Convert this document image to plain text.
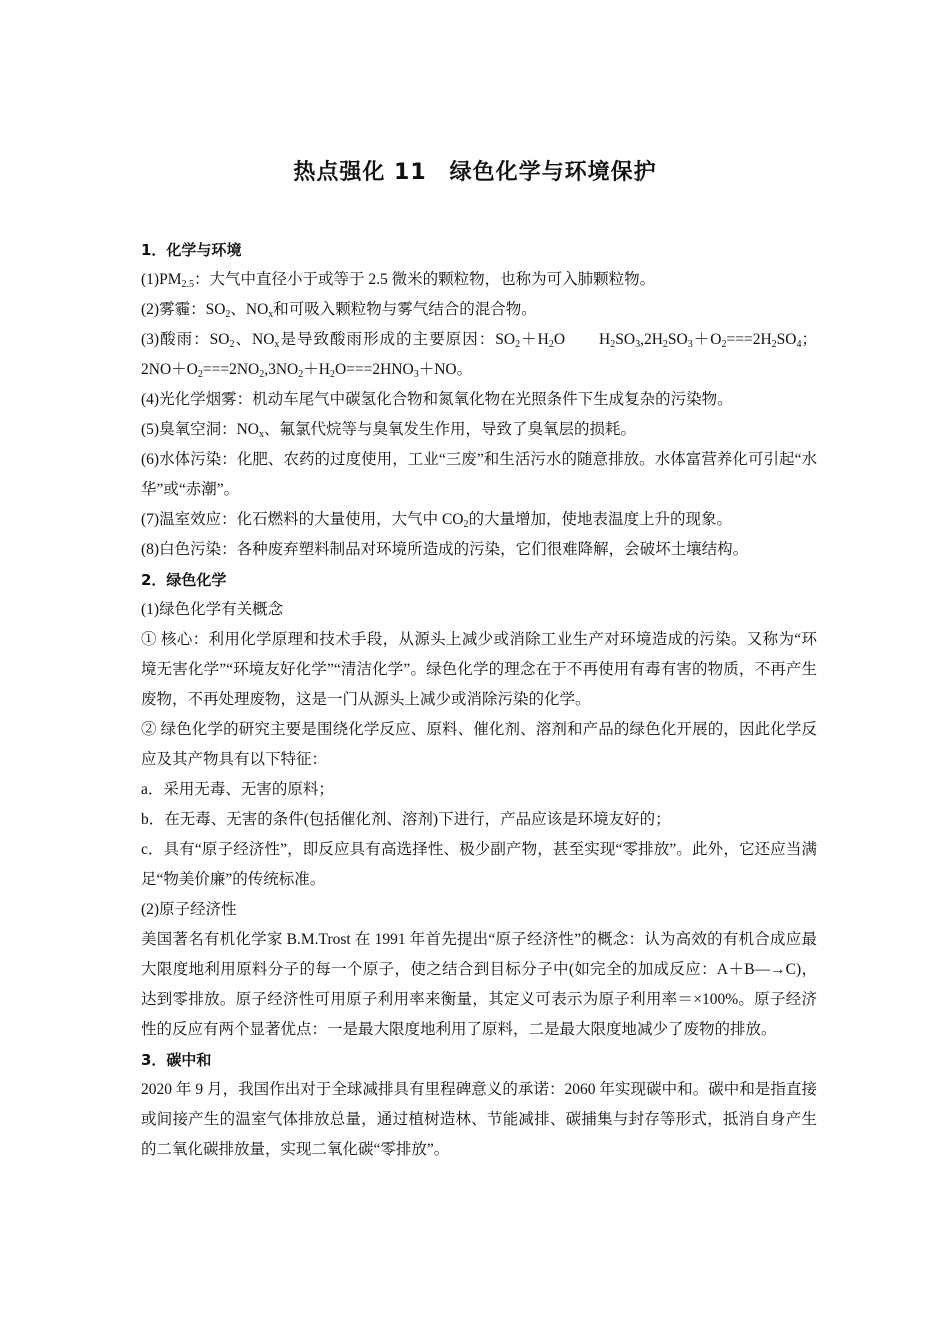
热点强化 11　绿色化学与环境保护

1．化学与环境

$(1)PM_{2.5}$：大气中直径小于或等于 2.5 微米的颗粒物，也称为可入肺颗粒物。

(2)雾霾：$SO_2$、$NO_x$和可吸入颗粒物与雾气结合的混合物。

(3)酸雨：$SO_2$、$NO_x$是导致酸雨形成的主要原因：$SO_2+H_2O$ $H_2SO_3,2H_2SO_3+O_2===2H_2SO_4$；$2NO+O_2===2NO_2,3NO_2+H_2O===2HNO_3+NO$。

(4)光化学烟雾：机动车尾气中碳氢化合物和氮氧化物在光照条件下生成复杂的污染物。

(5)臭氧空洞：$NO_x$、氟氯代烷等与臭氧发生作用，导致了臭氧层的损耗。

(6)水体污染：化肥、农药的过度使用，工业“三废”和生活污水的随意排放。水体富营养化可引起“水华”或“赤潮”。

(7)温室效应：化石燃料的大量使用，大气中 $CO_2$的大量增加，使地表温度上升的现象。

(8)白色污染：各种废弃塑料制品对环境所造成的污染，它们很难降解，会破坏土壤结构。

2．绿色化学

(1)绿色化学有关概念

① 核心：利用化学原理和技术手段，从源头上减少或消除工业生产对环境造成的污染。又称为“环境无害化学”“环境友好化学”“清洁化学”。绿色化学的理念在于不再使用有毒有害的物质，不再产生废物，不再处理废物，这是一门从源头上减少或消除污染的化学。

② 绿色化学的研究主要是围绕化学反应、原料、催化剂、溶剂和产品的绿色化开展的，因此化学反应及其产物具有以下特征：

a．采用无毒、无害的原料；

b．在无毒、无害的条件(包括催化剂、溶剂)下进行，产品应该是环境友好的；

c．具有“原子经济性”，即反应具有高选择性、极少副产物，甚至实现“零排放”。此外，它还应当满足“物美价廉”的传统标准。

(2)原子经济性

美国著名有机化学家 B.M.Trost 在 1991 年首先提出“原子经济性”的概念：认为高效的有机合成应最大限度地利用原料分子的每一个原子，使之结合到目标分子中(如完全的加成反应：A＋B―→C)，达到零排放。原子经济性可用原子利用率来衡量，其定义可表示为原子利用率＝×100%。原子经济性的反应有两个显著优点：一是最大限度地利用了原料，二是最大限度地减少了废物的排放。

3．碳中和

2020 年 9 月，我国作出对于全球减排具有里程碑意义的承诺：2060 年实现碳中和。碳中和是指直接或间接产生的温室气体排放总量，通过植树造林、节能减排、碳捕集与封存等形式，抵消自身产生的二氧化碳排放量，实现二氧化碳“零排放”。
